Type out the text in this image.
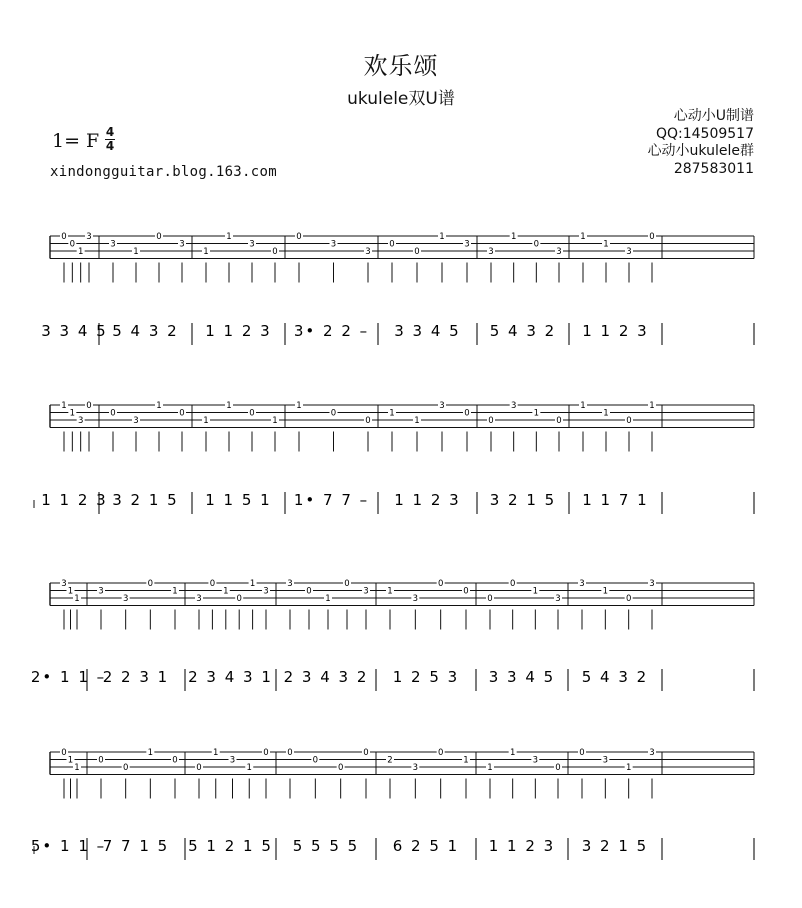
欢乐颂
ukulele双U谱
1= F 4
4
xindongguitar.blog.163.com
心动小U制谱
QQ:14509517
心动小ukulele群
287583011
0
0
1
3
3
1
0
3
1
1
3
0
0
3
3
0
0
1
3
3
1
0
3
1
1
3
0
3 3 4 5 5 4 3 2 1 1 2 3 3• 2 2 – 3 3 4 5 5 4 3 2 1 1 2 3
1
1
3
0
0
3
1
0
1
1
0
1
1
0
0
1
1
3
0
0
3
1
0
1
1
0
1
1 1 2 3 3 2 1 5 1 1 5 1 1• 7 7 – 1 1 2 3 3 2 1 5 1 1 7 1
3
1
1
3
3
0
1
3
0
1
0
1
3
3
0
1
0
3 1
3
0
0
0
0
1
3
3
1
0
3
2• 1 1 –
2 2 3 1 2 3 4 3 1 2 3 4 3 2 1 2 5 3 3 3 4 5 5 4 3 2
0
1
1
0
0
1
0
0
1
3
1
0 0
0
0
0
2
3
0
1
1
1
3
0
0
3
1
3
5• 1 1 –
7 7 1 5 5 1 2 1 5 5 5 5 5 6 2 5 1 1 1 2 3 3 2 1 5
